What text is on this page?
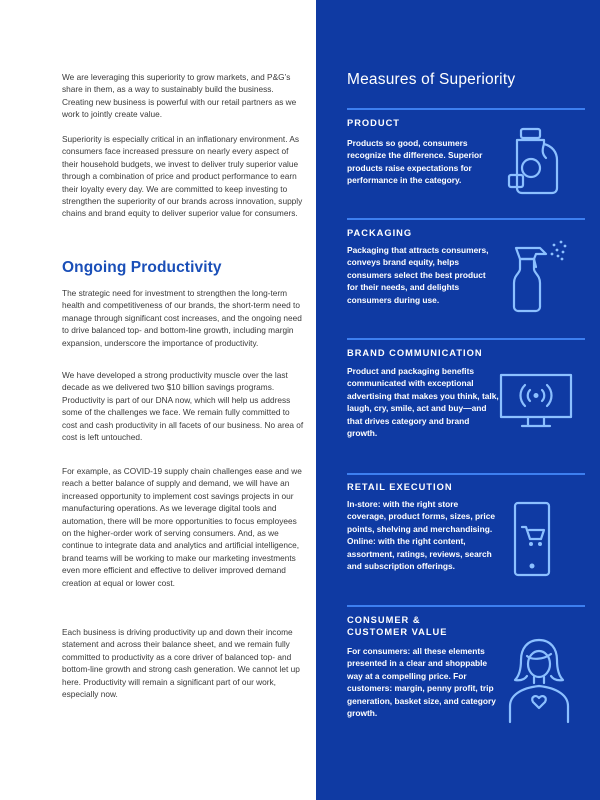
We are leveraging this superiority to grow markets, and P&G’s share in them, as a way to sustainably build the business. Creating new business is powerful with our retail partners as we work to jointly create value.

Superiority is especially critical in an inflationary environment. As consumers face increased pressure on nearly every aspect of their household budgets, we invest to deliver truly superior value through a combination of price and product performance to earn their loyalty every day. We are committed to keep investing to strengthen the superiority of our brands across innovation, supply chains and brand equity to deliver superior value for consumers.

Ongoing Productivity

The strategic need for investment to strengthen the long-term health and competitiveness of our brands, the short-term need to manage through significant cost increases, and the ongoing need to drive balanced top- and bottom-line growth, including margin expansion, underscore the importance of productivity.

We have developed a strong productivity muscle over the last decade as we delivered two $10 billion savings programs. Productivity is part of our DNA now, which will help us address some of the challenges we face. We remain fully committed to cost and cash productivity in all facets of our business. No area of cost is left untouched.

For example, as COVID-19 supply chain challenges ease and we reach a better balance of supply and demand, we will have an increased opportunity to implement cost savings projects in our manufacturing operations. As we leverage digital tools and automation, there will be more opportunities to focus employees on the higher-order work of serving consumers. And, as we continue to integrate data and analytics and artificial intelligence, brand teams will be working to make our marketing investments even more efficient and effective to deliver improved demand creation at equal or lower cost.

Each business is driving productivity up and down their income statement and across their balance sheet, and we remain fully committed to productivity as a core driver of balanced top- and bottom-line growth and strong cash generation. We cannot let up here. Productivity will remain a significant part of our work, especially now.

Measures of Superiority

PRODUCT

Products so good, consumers recognize the difference. Superior products raise expectations for performance in the category.

PACKAGING

Packaging that attracts consumers, conveys brand equity, helps consumers select the best product for their needs, and delights consumers during use.

BRAND COMMUNICATION

Product and packaging benefits communicated with exceptional advertising that makes you think, talk, laugh, cry, smile, act and buy—and that drives category and brand growth.

RETAIL EXECUTION

In-store: with the right store coverage, product forms, sizes, price points, shelving and merchandising. Online: with the right content, assortment, ratings, reviews, search and subscription offerings.

CONSUMER & CUSTOMER VALUE

For consumers: all these elements presented in a clear and shoppable way at a compelling price. For customers: margin, penny profit, trip generation, basket size, and category growth.
